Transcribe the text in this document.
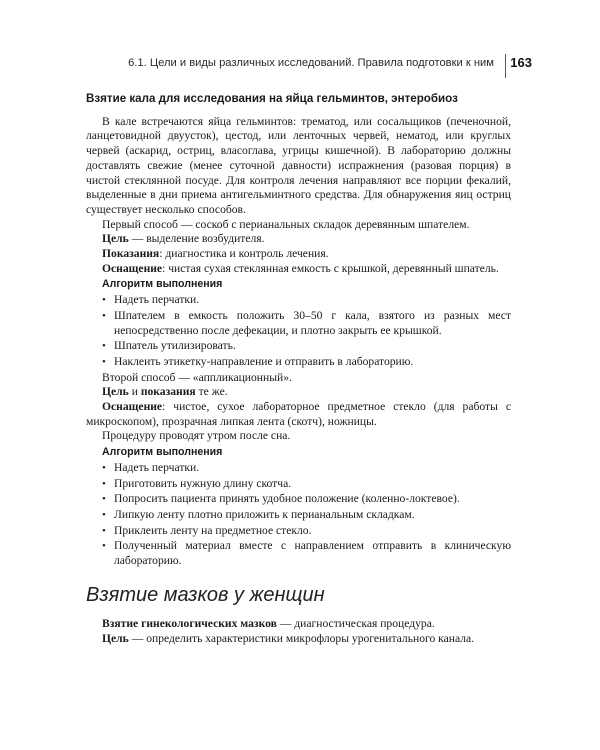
6.1. Цели и виды различных исследований. Правила подготовки к ним 163
Взятие кала для исследования на яйца гельминтов, энтеробиоз

В кале встречаются яйца гельминтов: трематод, или сосальщиков (печеночной, ланцетовидной двуусток), цестод, или ленточных червей, нематод, или круглых червей (аскарид, остриц, власоглава, угрицы кишечной). В лабораторию должны доставлять свежие (менее суточной давности) испражнения (разовая порция) в чистой стеклянной посуде. Для контроля лечения направляют все порции фекалий, выделенные в дни приема антигельминтного средства. Для обнаружения яиц остриц существует несколько способов.

Первый способ — соскоб с перианальных складок деревянным шпателем.

Цель — выделение возбудителя.

Показания: диагностика и контроль лечения.

Оснащение: чистая сухая стеклянная емкость с крышкой, деревянный шпатель.

Алгоритм выполнения
• Надеть перчатки.
• Шпателем в емкость положить 30–50 г кала, взятого из разных мест непосредственно после дефекации, и плотно закрыть ее крышкой.
• Шпатель утилизировать.
• Наклеить этикетку-направление и отправить в лабораторию.

Второй способ — «аппликационный».

Цель и показания те же.

Оснащение: чистое, сухое лабораторное предметное стекло (для работы с микроскопом), прозрачная липкая лента (скотч), ножницы.

Процедуру проводят утром после сна.

Алгоритм выполнения
• Надеть перчатки.
• Приготовить нужную длину скотча.
• Попросить пациента принять удобное положение (коленно-локтевое).
• Липкую ленту плотно приложить к перианальным складкам.
• Приклеить ленту на предметное стекло.
• Полученный материал вместе с направлением отправить в клиническую лабораторию.
Взятие мазков у женщин

Взятие гинекологических мазков — диагностическая процедура.

Цель — определить характеристики микрофлоры урогенитального канала.
